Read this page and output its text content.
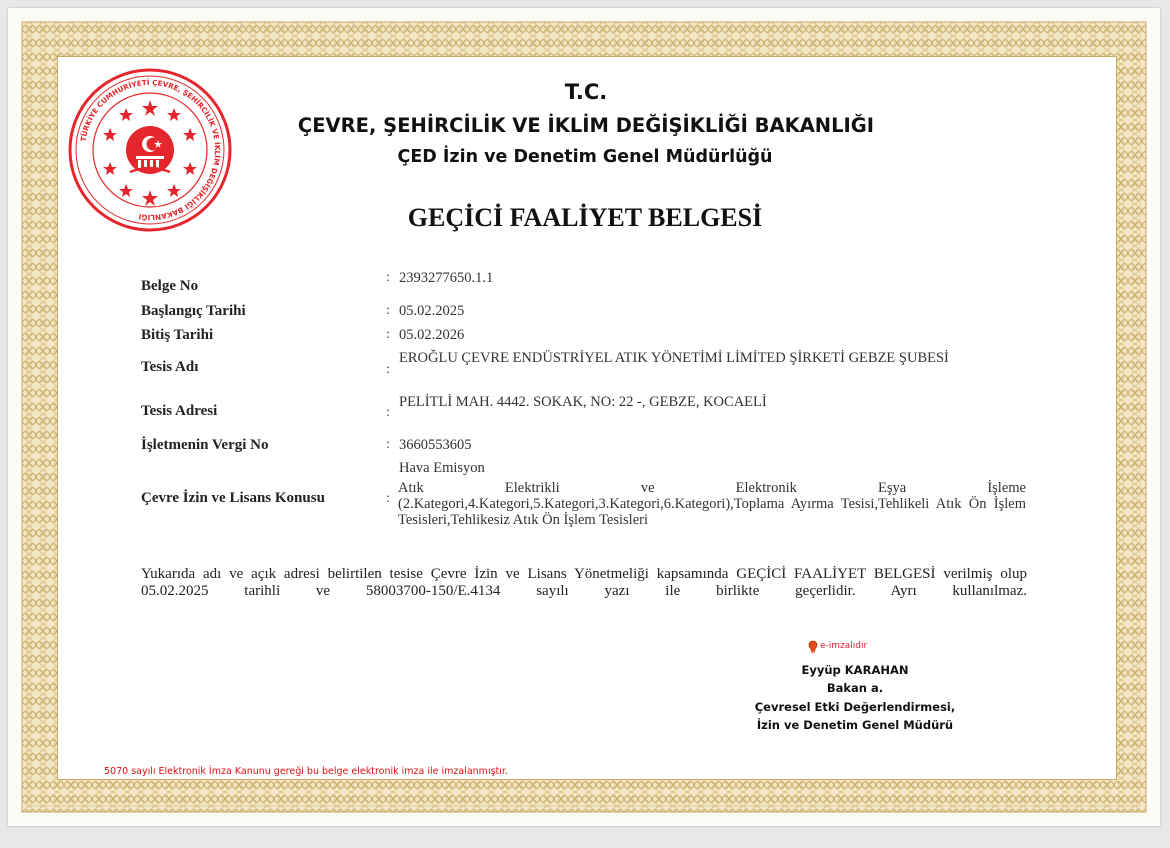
TÜRKİYE CUMHURİYETİ ÇEVRE, ŞEHİRCİLİK VE İKLİM DEĞİŞİKLİĞİ BAKANLIĞI
T.C.
ÇEVRE, ŞEHİRCİLİK VE İKLİM DEĞİŞİKLİĞİ BAKANLIĞI
ÇED İzin ve Denetim Genel Müdürlüğü
GEÇİCİ FAALİYET BELGESİ
Belge No
: 2393277650.1.1
Başlangıç Tarihi	: 05.02.2025
Bitiş Tarihi	: 05.02.2026
Tesis Adı	:
EROĞLU ÇEVRE ENDÜSTRİYEL ATIK YÖNETİMİ LİMİTED ŞİRKETİ GEBZE ŞUBESİ
Tesis Adresi	:
PELİTLİ MAH. 4442. SOKAK, NO: 22 -, GEBZE, KOCAELİ
İşletmenin Vergi No	: 3660553605
Çevre İzin ve Lisans Konusu	:
Hava Emisyon
Atık Elektrikli ve Elektronik Eşya İşleme (2.Kategori,4.Kategori,5.Kategori,3.Kategori,6.Kategori),Toplama Ayırma Tesisi,Tehlikeli Atık Ön İşlem Tesisleri,Tehlikesiz Atık Ön İşlem Tesisleri
Yukarıda adı ve açık adresi belirtilen tesise Çevre İzin ve Lisans Yönetmeliği kapsamında GEÇİCİ FAALİYET BELGESİ verilmiş olup 05.02.2025 tarihli ve 58003700-150/E.4134 sayılı yazı ile birlikte geçerlidir. Ayrı kullanılmaz.
e-imzalıdır
Eyyüp KARAHAN
Bakan a.
Çevresel Etki Değerlendirmesi,
İzin ve Denetim Genel Müdürü
5070 sayılı Elektronik İmza Kanunu gereği bu belge elektronik imza ile imzalanmıştır.
